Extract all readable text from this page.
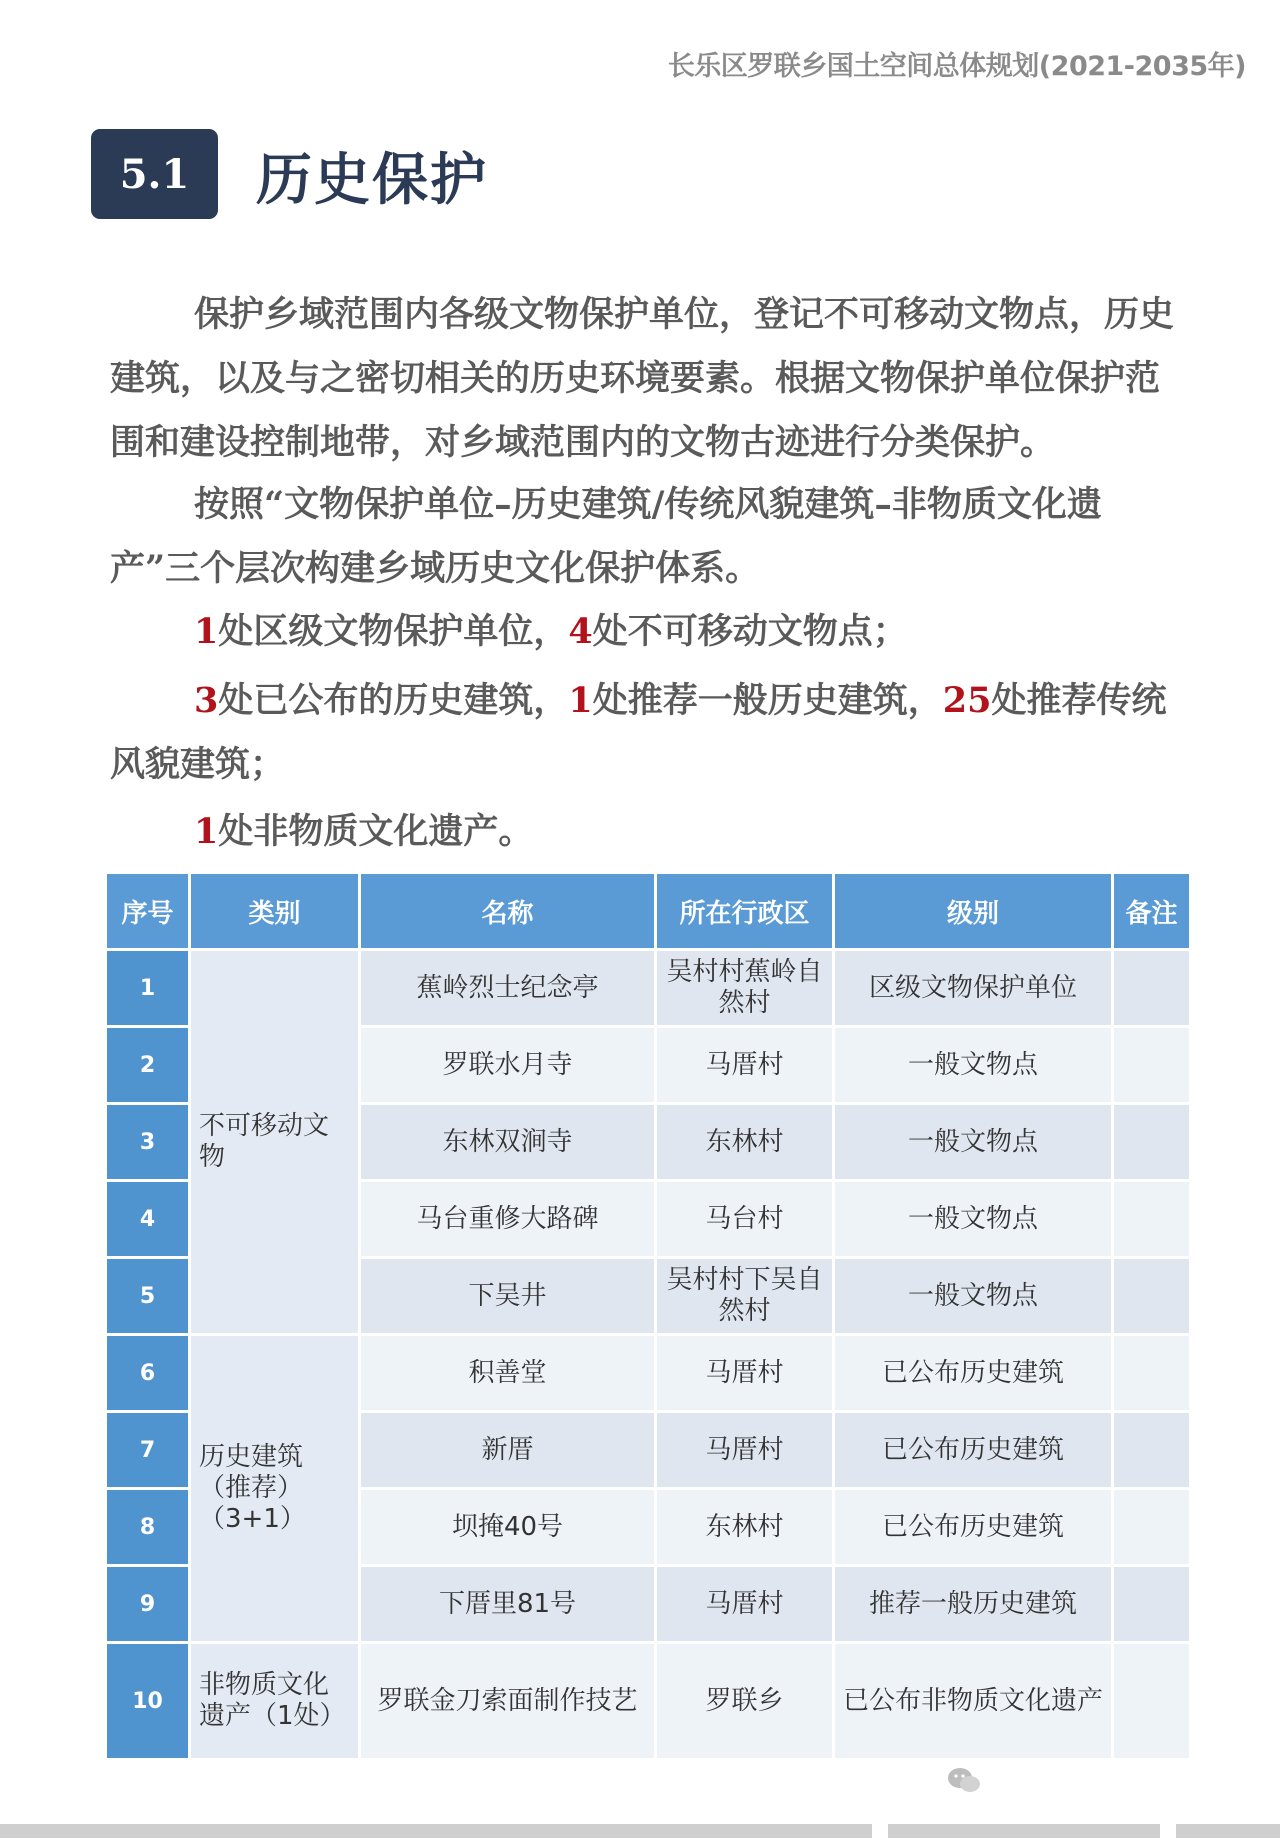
长乐区罗联乡国土空间总体规划(2021-2035年)
5.1	历史保护

保护乡域范围内各级文物保护单位，登记不可移动文物点，历史建筑，以及与之密切相关的历史环境要素。根据文物保护单位保护范围和建设控制地带，对乡域范围内的文物古迹进行分类保护。

按照“文物保护单位–历史建筑/传统风貌建筑–非物质文化遗产”三个层次构建乡域历史文化保护体系。

1处区级文物保护单位，4处不可移动文物点；

3处已公布的历史建筑，1处推荐一般历史建筑，25处推荐传统风貌建筑；

1处非物质文化遗产。

序号	类别	名称	所在行政区	级别	备注
1	不可移动文物	蕉岭烈士纪念亭	吴村村蕉岭自然村	区级文物保护单位	
2		罗联水月寺	马厝村	一般文物点	
3		东林双涧寺	东林村	一般文物点	
4		马台重修大路碑	马台村	一般文物点	
5		下吴井	吴村村下吴自然村	一般文物点	
6	历史建筑（推荐）（3+1）	积善堂	马厝村	已公布历史建筑	
7		新厝	马厝村	已公布历史建筑	
8		坝掩40号	东林村	已公布历史建筑	
9		下厝里81号	马厝村	推荐一般历史建筑	
10	非物质文化遗产（1处）	罗联金刀索面制作技艺	罗联乡	已公布非物质文化遗产	
